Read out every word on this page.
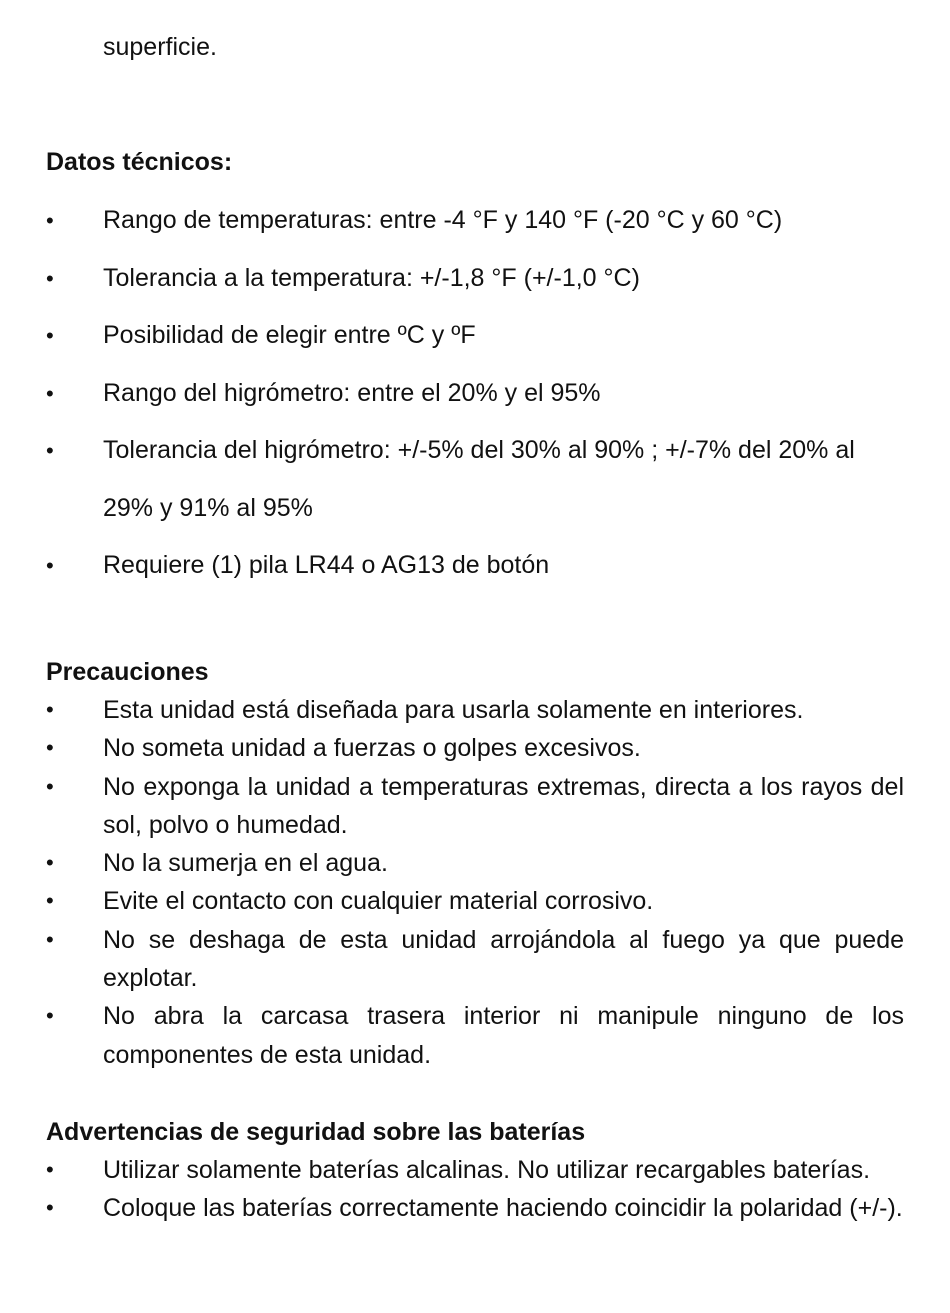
superficie.
Datos técnicos:
• Rango de temperaturas: entre -4 °F y 140 °F (-20 °C y 60 °C)
• Tolerancia a la temperatura: +/-1,8 °F (+/-1,0 °C)
• Posibilidad de elegir entre ºC y ºF
• Rango del higrómetro: entre el 20% y el 95%
• Tolerancia del higrómetro: +/-5% del 30% al 90% ; +/-7% del 20% al 29% y 91% al 95%
• Requiere (1) pila LR44 o AG13 de botón
Precauciones
• Esta unidad está diseñada para usarla solamente en interiores.
• No someta unidad a fuerzas o golpes excesivos.
• No exponga la unidad a temperaturas extremas, directa a los rayos del sol, polvo o humedad.
• No la sumerja en el agua.
• Evite el contacto con cualquier material corrosivo.
• No se deshaga de esta unidad arrojándola al fuego ya que puede explotar.
• No abra la carcasa trasera interior ni manipule ninguno de los componentes de esta unidad.
Advertencias de seguridad sobre las baterías
• Utilizar solamente baterías alcalinas. No utilizar recargables baterías.
• Coloque las baterías correctamente haciendo coincidir la polaridad (+/-).
